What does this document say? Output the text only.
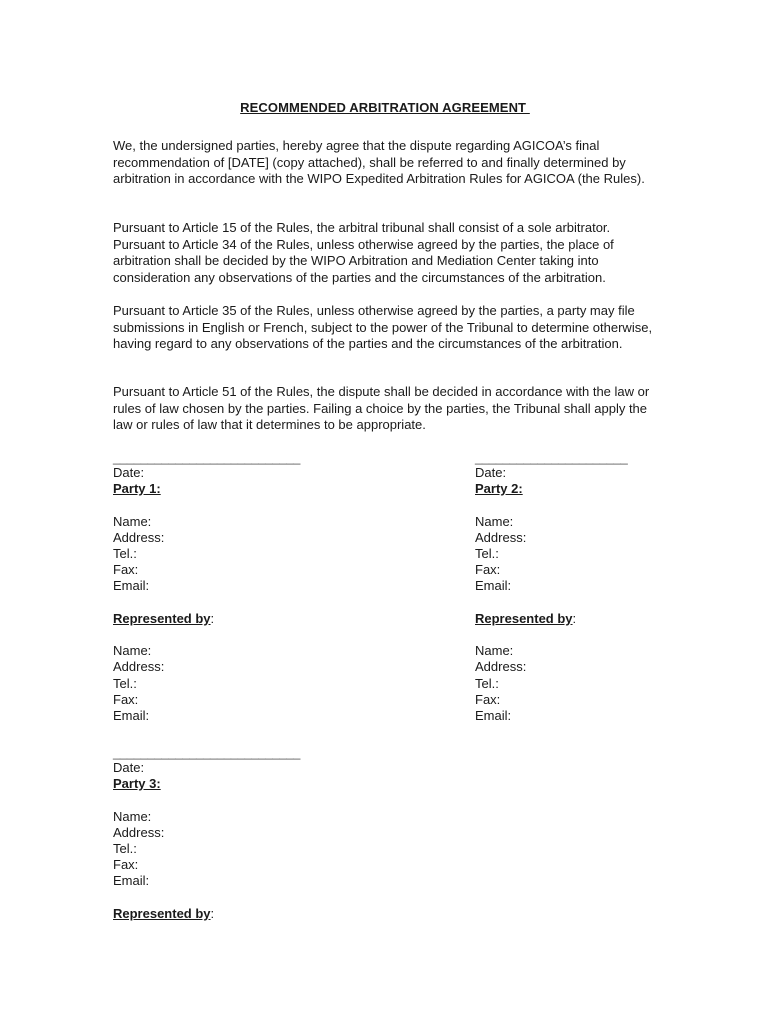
RECOMMENDED ARBITRATION AGREEMENT

We, the undersigned parties, hereby agree that the dispute regarding AGICOA’s final recommendation of [DATE] (copy attached), shall be referred to and finally determined by arbitration in accordance with the WIPO Expedited Arbitration Rules for AGICOA (the Rules).

Pursuant to Article 15 of the Rules, the arbitral tribunal shall consist of a sole arbitrator. Pursuant to Article 34 of the Rules, unless otherwise agreed by the parties, the place of arbitration shall be decided by the WIPO Arbitration and Mediation Center taking into consideration any observations of the parties and the circumstances of the arbitration.

Pursuant to Article 35 of the Rules, unless otherwise agreed by the parties, a party may file submissions in English or French, subject to the power of the Tribunal to determine otherwise, having regard to any observations of the parties and the circumstances of the arbitration.

Pursuant to Article 51 of the Rules, the dispute shall be decided in accordance with the law or rules of law chosen by the parties. Failing a choice by the parties, the Tribunal shall apply the law or rules of law that it determines to be appropriate.

___________________________
Date:
Party 1:
Name:
Address:
Tel.:
Fax:
Email:
Represented by:
Name:
Address:
Tel.:
Fax:
Email:
______________________
Date:
Party 2:
Name:
Address:
Tel.:
Fax:
Email:
Represented by:
Name:
Address:
Tel.:
Fax:
Email:
___________________________
Date:
Party 3:
Name:
Address:
Tel.:
Fax:
Email:
Represented by:
